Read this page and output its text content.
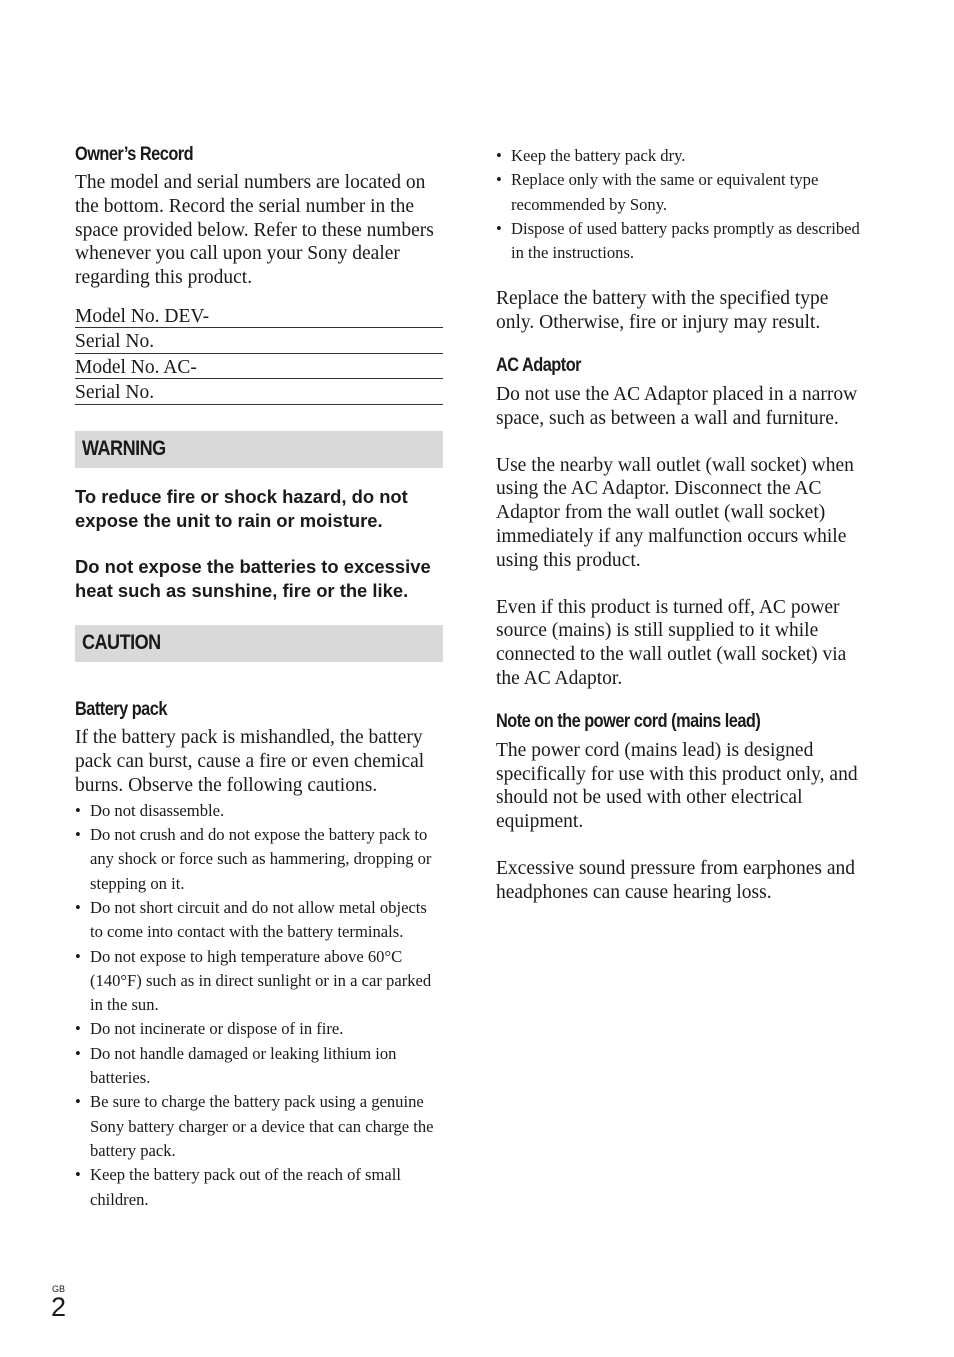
Owner’s Record

The model and serial numbers are located on the bottom. Record the serial number in the space provided below. Refer to these numbers whenever you call upon your Sony dealer regarding this product.

Model No. DEV-
Serial No.
Model No. AC-
Serial No.
WARNING

To reduce fire or shock hazard, do not expose the unit to rain or moisture.

Do not expose the batteries to excessive heat such as sunshine, fire or the like.

CAUTION
Battery pack

If the battery pack is mishandled, the battery pack can burst, cause a fire or even chemical burns. Observe the following cautions.

• Do not disassemble.
• Do not crush and do not expose the battery pack to any shock or force such as hammering, dropping or stepping on it.
• Do not short circuit and do not allow metal objects to come into contact with the battery terminals.
• Do not expose to high temperature above 60°C (140°F) such as in direct sunlight or in a car parked in the sun.
• Do not incinerate or dispose of in fire.
• Do not handle damaged or leaking lithium ion batteries.
• Be sure to charge the battery pack using a genuine Sony battery charger or a device that can charge the battery pack.
• Keep the battery pack out of the reach of small children.
• Keep the battery pack dry.
• Replace only with the same or equivalent type recommended by Sony.
• Dispose of used battery packs promptly as described in the instructions.

Replace the battery with the specified type only. Otherwise, fire or injury may result.

AC Adaptor

Do not use the AC Adaptor placed in a narrow space, such as between a wall and furniture.

Use the nearby wall outlet (wall socket) when using the AC Adaptor. Disconnect the AC Adaptor from the wall outlet (wall socket) immediately if any malfunction occurs while using this product.

Even if this product is turned off, AC power source (mains) is still supplied to it while connected to the wall outlet (wall socket) via the AC Adaptor.

Note on the power cord (mains lead)

The power cord (mains lead) is designed specifically for use with this product only, and should not be used with other electrical equipment.

Excessive sound pressure from earphones and headphones can cause hearing loss.

GB
2
